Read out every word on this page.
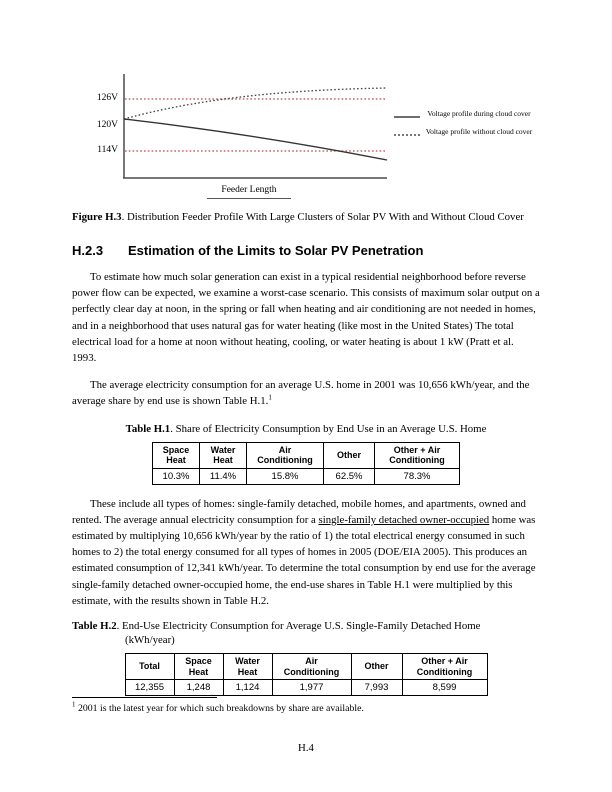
126V
120V
114V
Feeder Length
Voltage profile during cloud cover
Voltage profile without cloud cover
Figure H.3. Distribution Feeder Profile With Large Clusters of Solar PV With and Without Cloud Cover
H.2.3	Estimation of the Limits to Solar PV Penetration

To estimate how much solar generation can exist in a typical residential neighborhood before reverse power flow can be expected, we examine a worst-case scenario. This consists of maximum solar output on a perfectly clear day at noon, in the spring or fall when heating and air conditioning are not needed in homes, and in a neighborhood that uses natural gas for water heating (like most in the United States) The total electrical load for a home at noon without heating, cooling, or water heating is about 1 kW (Pratt et al. 1993.

The average electricity consumption for an average U.S. home in 2001 was 10,656 kWh/year, and the average share by end use is shown Table H.1.$^1$

Table H.1. Share of Electricity Consumption by End Use in an Average U.S. Home
Space Heat	Water Heat	Air Conditioning	Other	Other + Air Conditioning
10.3%	11.4%	15.8%	62.5%	78.3%

These include all types of homes: single-family detached, mobile homes, and apartments, owned and rented. The average annual electricity consumption for a single-family detached owner-occupied home was estimated by multiplying 10,656 kWh/year by the ratio of 1) the total electrical energy consumed in such homes to 2) the total energy consumed for all types of homes in 2005 (DOE/EIA 2005). This produces an estimated consumption of 12,341 kWh/year. To determine the total consumption by end use for the average single-family detached owner-occupied home, the end-use shares in Table H.1 were multiplied by this estimate, with the results shown in Table H.2.

Table H.2. End-Use Electricity Consumption for Average U.S. Single-Family Detached Home
(kWh/year)
Total	Space Heat	Water Heat	Air Conditioning	Other	Other + Air Conditioning
12,355	1,248	1,124	1,977	7,993	8,599
$^1$ 2001 is the latest year for which such breakdowns by share are available.
H.4
